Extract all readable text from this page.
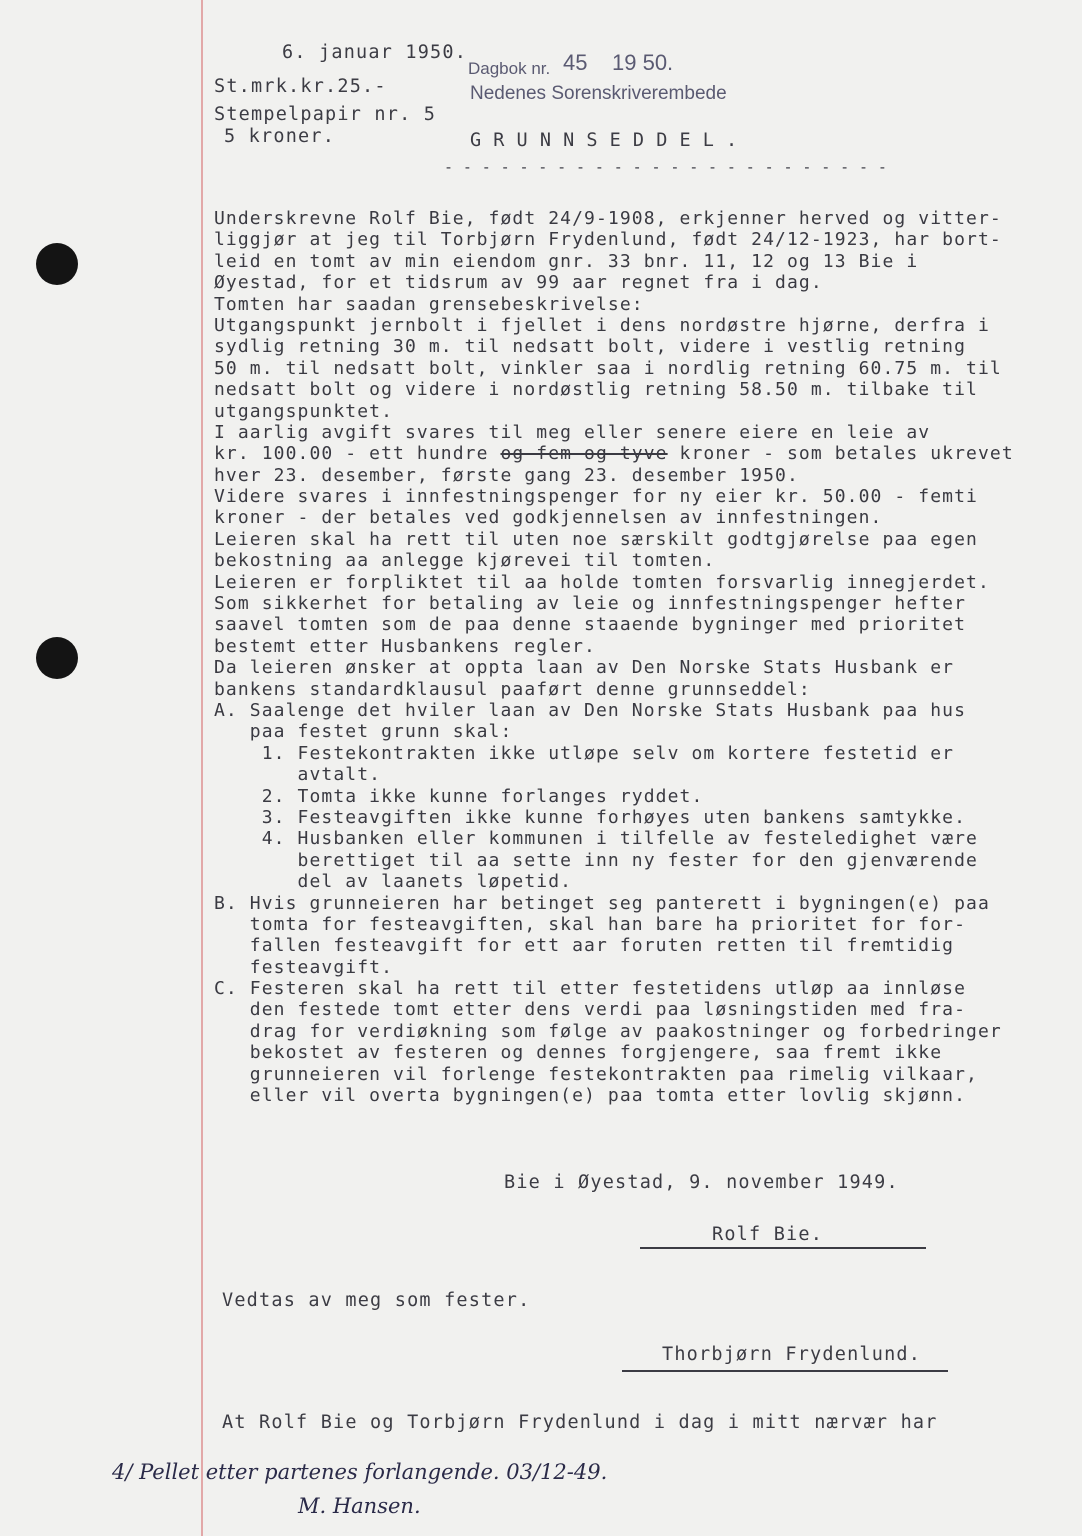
6. januar 1950.
St.mrk.kr.25.-
Stempelpapir nr. 5
5 kroner.
Dagbok nr. 45 19 50.
Nedenes Sorenskriverembede
G R U N N S E D D E L .
- - - - - - - - - - - - - - - - - - - - - - - -
Underskrevne Rolf Bie, født 24/9-1908, erkjenner herved og vitter-
liggjør at jeg til Torbjørn Frydenlund, født 24/12-1923, har bort-
leid en tomt av min eiendom gnr. 33 bnr. 11, 12 og 13 Bie i
Øyestad, for et tidsrum av 99 aar regnet fra i dag.
Tomten har saadan grensebeskrivelse:
Utgangspunkt jernbolt i fjellet i dens nordøstre hjørne, derfra i
sydlig retning 30 m. til nedsatt bolt, videre i vestlig retning
50 m. til nedsatt bolt, vinkler saa i nordlig retning 60.75 m. til
nedsatt bolt og videre i nordøstlig retning 58.50 m. tilbake til
utgangspunktet.
I aarlig avgift svares til meg eller senere eiere en leie av
kr. 100.00 - ett hundre og fem og tyve kroner - som betales ukrevet
hver 23. desember, første gang 23. desember 1950.
Videre svares i innfestningspenger for ny eier kr. 50.00 - femti
kroner - der betales ved godkjennelsen av innfestningen.
Leieren skal ha rett til uten noe særskilt godtgjørelse paa egen
bekostning aa anlegge kjørevei til tomten.
Leieren er forpliktet til aa holde tomten forsvarlig innegjerdet.
Som sikkerhet for betaling av leie og innfestningspenger hefter
saavel tomten som de paa denne staaende bygninger med prioritet
bestemt etter Husbankens regler.
Da leieren ønsker at oppta laan av Den Norske Stats Husbank er
bankens standardklausul paaført denne grunnseddel:
A. Saalenge det hviler laan av Den Norske Stats Husbank paa hus
paa festet grunn skal:
1. Festekontrakten ikke utløpe selv om kortere festetid er
avtalt.
2. Tomta ikke kunne forlanges ryddet.
3. Festeavgiften ikke kunne forhøyes uten bankens samtykke.
4. Husbanken eller kommunen i tilfelle av festeledighet være
berettiget til aa sette inn ny fester for den gjenværende
del av laanets løpetid.
B. Hvis grunneieren har betinget seg panterett i bygningen(e) paa
tomta for festeavgiften, skal han bare ha prioritet for for-
fallen festeavgift for ett aar foruten retten til fremtidig
festeavgift.
C. Festeren skal ha rett til etter festetidens utløp aa innløse
den festede tomt etter dens verdi paa løsningstiden med fra-
drag for verdiøkning som følge av paakostninger og forbedringer
bekostet av festeren og dennes forgjengere, saa fremt ikke
grunneieren vil forlenge festekontrakten paa rimelig vilkaar,
eller vil overta bygningen(e) paa tomta etter lovlig skjønn.
Bie i Øyestad, 9. november 1949.
Rolf Bie.
Vedtas av meg som fester.
Thorbjørn Frydenlund.
At Rolf Bie og Torbjørn Frydenlund i dag i mitt nærvær har
4/ Pellet etter partenes forlangende. 03/12-49.
M. Hansen.
